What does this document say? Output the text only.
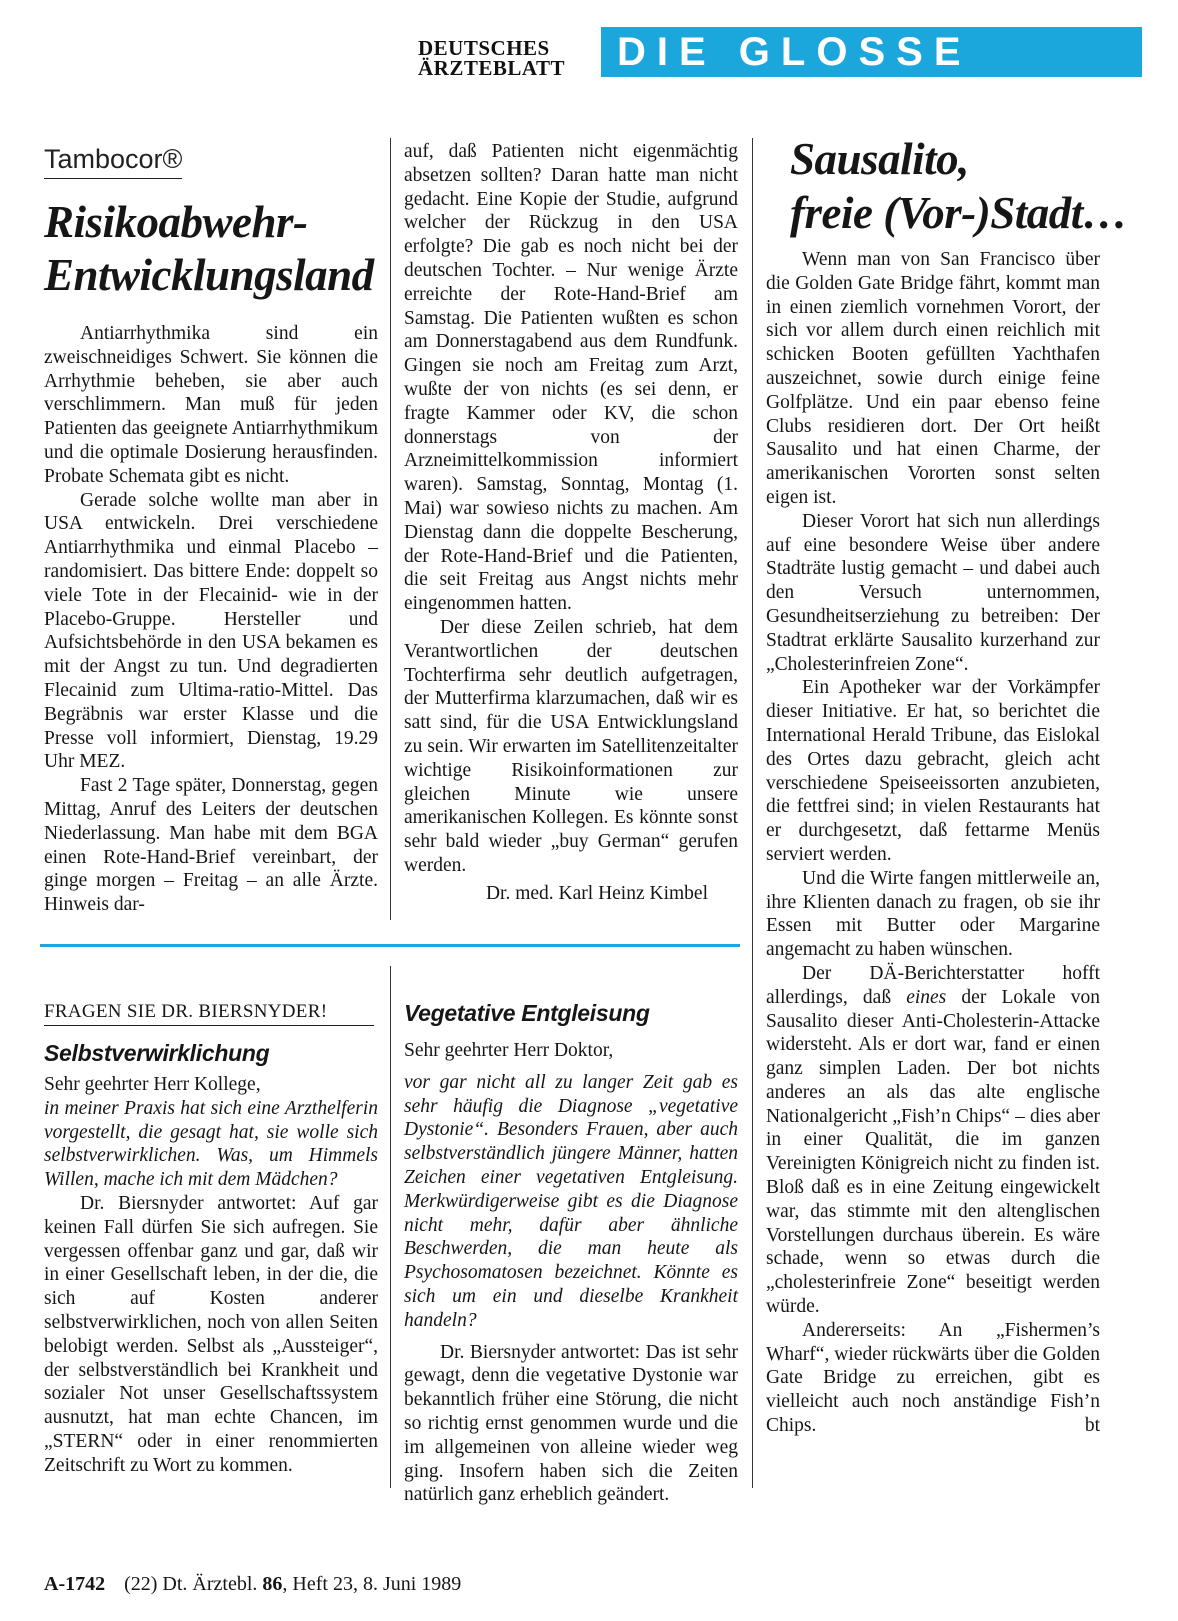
DEUTSCHES
ÄRZTEBLATT	DIE GLOSSE
Tambocor®
Risikoabwehr-
Entwicklungsland

Antiarrhythmika sind ein zweischneidiges Schwert. Sie können die Arrhythmie beheben, sie aber auch verschlimmern. Man muß für jeden Patienten das geeignete Antiarrhythmikum und die optimale Dosierung herausfinden. Probate Schemata gibt es nicht.

Gerade solche wollte man aber in USA entwickeln. Drei verschiedene Antiarrhythmika und einmal Placebo – randomisiert. Das bittere Ende: doppelt so viele Tote in der Flecainid- wie in der Placebo-Gruppe. Hersteller und Aufsichtsbehörde in den USA bekamen es mit der Angst zu tun. Und degradierten Flecainid zum Ultima-ratio-Mittel. Das Begräbnis war erster Klasse und die Presse voll informiert, Dienstag, 19.29 Uhr MEZ.

Fast 2 Tage später, Donnerstag, gegen Mittag, Anruf des Leiters der deutschen Niederlassung. Man habe mit dem BGA einen Rote-Hand-Brief vereinbart, der ginge morgen – Freitag – an alle Ärzte. Hinweis dar-

auf, daß Patienten nicht eigenmächtig absetzen sollten? Daran hatte man nicht gedacht. Eine Kopie der Studie, aufgrund welcher der Rückzug in den USA erfolgte? Die gab es noch nicht bei der deutschen Tochter. – Nur wenige Ärzte erreichte der Rote-Hand-Brief am Samstag. Die Patienten wußten es schon am Donnerstagabend aus dem Rundfunk. Gingen sie noch am Freitag zum Arzt, wußte der von nichts (es sei denn, er fragte Kammer oder KV, die schon donnerstags von der Arzneimittelkommission informiert waren). Samstag, Sonntag, Montag (1. Mai) war sowieso nichts zu machen. Am Dienstag dann die doppelte Bescherung, der Rote-Hand-Brief und die Patienten, die seit Freitag aus Angst nichts mehr eingenommen hatten.

Der diese Zeilen schrieb, hat dem Verantwortlichen der deutschen Tochterfirma sehr deutlich aufgetragen, der Mutterfirma klarzumachen, daß wir es satt sind, für die USA Entwicklungsland zu sein. Wir erwarten im Satellitenzeitalter wichtige Risikoinformationen zur gleichen Minute wie unsere amerikanischen Kollegen. Es könnte sonst sehr bald wieder „buy German“ gerufen werden.

Dr. med. Karl Heinz Kimbel
FRAGEN SIE DR. BIERSNYDER!
Selbstverwirklichung

Sehr geehrter Herr Kollege,

in meiner Praxis hat sich eine Arzthelferin vorgestellt, die gesagt hat, sie wolle sich selbstverwirklichen. Was, um Himmels Willen, mache ich mit dem Mädchen?

Dr. Biersnyder antwortet: Auf gar keinen Fall dürfen Sie sich aufregen. Sie vergessen offenbar ganz und gar, daß wir in einer Gesellschaft leben, in der die, die sich auf Kosten anderer selbstverwirklichen, noch von allen Seiten belobigt werden. Selbst als „Aussteiger“, der selbstverständlich bei Krankheit und sozialer Not unser Gesellschaftssystem ausnutzt, hat man echte Chancen, im „STERN“ oder in einer renommierten Zeitschrift zu Wort zu kommen.

Vegetative Entgleisung

Sehr geehrter Herr Doktor,

vor gar nicht all zu langer Zeit gab es sehr häufig die Diagnose „vegetative Dystonie“. Besonders Frauen, aber auch selbstverständlich jüngere Männer, hatten Zeichen einer vegetativen Entgleisung. Merkwürdigerweise gibt es die Diagnose nicht mehr, dafür aber ähnliche Beschwerden, die man heute als Psychosomatosen bezeichnet. Könnte es sich um ein und dieselbe Krankheit handeln?

Dr. Biersnyder antwortet: Das ist sehr gewagt, denn die vegetative Dystonie war bekanntlich früher eine Störung, die nicht so richtig ernst genommen wurde und die im allgemeinen von alleine wieder weg ging. Insofern haben sich die Zeiten natürlich ganz erheblich geändert.

Sausalito,
freie (Vor-)Stadt…

Wenn man von San Francisco über die Golden Gate Bridge fährt, kommt man in einen ziemlich vornehmen Vorort, der sich vor allem durch einen reichlich mit schicken Booten gefüllten Yachthafen auszeichnet, sowie durch einige feine Golfplätze. Und ein paar ebenso feine Clubs residieren dort. Der Ort heißt Sausalito und hat einen Charme, der amerikanischen Vororten sonst selten eigen ist.

Dieser Vorort hat sich nun allerdings auf eine besondere Weise über andere Stadträte lustig gemacht – und dabei auch den Versuch unternommen, Gesundheitserziehung zu betreiben: Der Stadtrat erklärte Sausalito kurzerhand zur „Cholesterinfreien Zone“.

Ein Apotheker war der Vorkämpfer dieser Initiative. Er hat, so berichtet die International Herald Tribune, das Eislokal des Ortes dazu gebracht, gleich acht verschiedene Speiseeissorten anzubieten, die fettfrei sind; in vielen Restaurants hat er durchgesetzt, daß fettarme Menüs serviert werden.

Und die Wirte fangen mittlerweile an, ihre Klienten danach zu fragen, ob sie ihr Essen mit Butter oder Margarine angemacht zu haben wünschen.

Der DÄ-Berichterstatter hofft allerdings, daß eines der Lokale von Sausalito dieser Anti-Cholesterin-Attacke widersteht. Als er dort war, fand er einen ganz simplen Laden. Der bot nichts anderes an als das alte englische Nationalgericht „Fish’n Chips“ – dies aber in einer Qualität, die im ganzen Vereinigten Königreich nicht zu finden ist. Bloß daß es in eine Zeitung eingewickelt war, das stimmte mit den altenglischen Vorstellungen durchaus überein. Es wäre schade, wenn so etwas durch die „cholesterinfreie Zone“ beseitigt werden würde.

Andererseits: An „Fishermen’s Wharf“, wieder rückwärts über die Golden Gate Bridge zu erreichen, gibt es vielleicht auch noch anständige Fish’n Chips.	bt

A-1742 (22) Dt. Ärztebl. 86, Heft 23, 8. Juni 1989
